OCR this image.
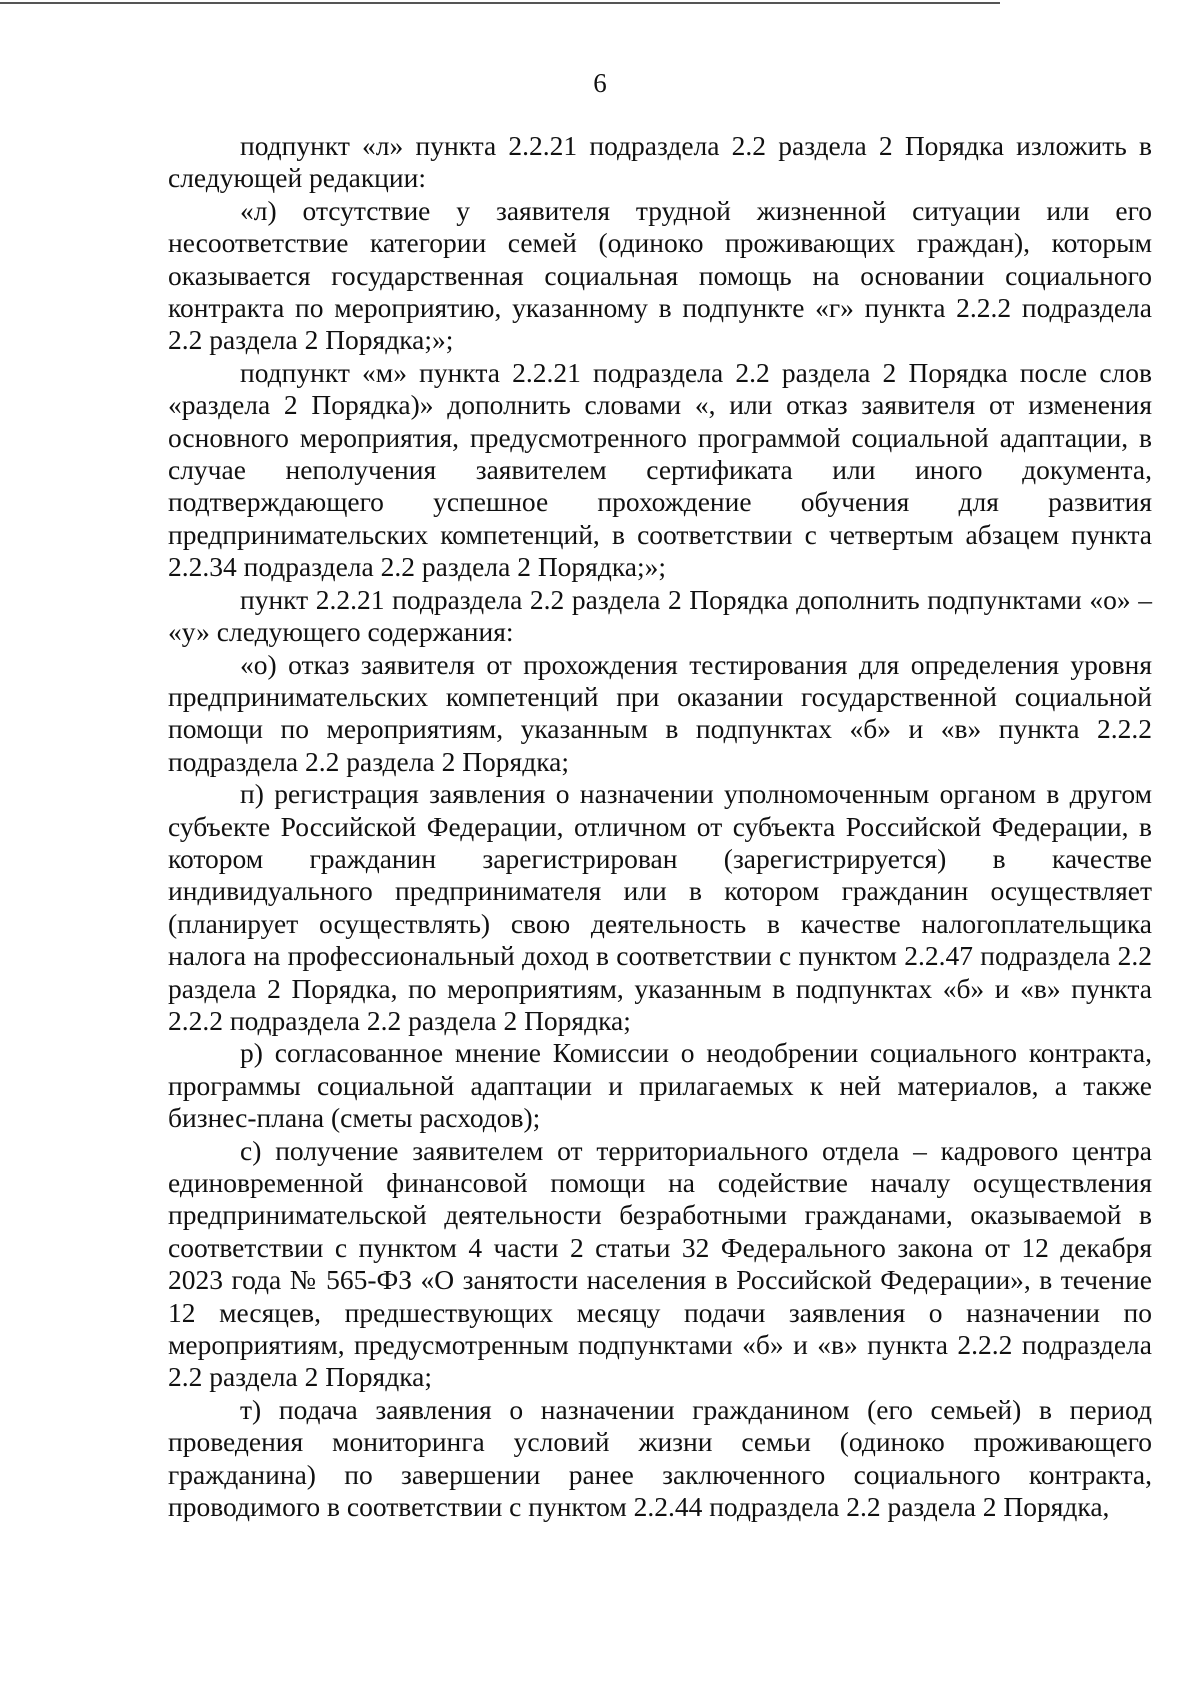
6

подпункт «л» пункта 2.2.21 подраздела 2.2 раздела 2 Порядка изложить в следующей редакции:

«л) отсутствие у заявителя трудной жизненной ситуации или его несоответствие категории семей (одиноко проживающих граждан), которым оказывается государственная социальная помощь на основании социального контракта по мероприятию, указанному в подпункте «г» пункта 2.2.2 подраздела 2.2 раздела 2 Порядка;»;

подпункт «м» пункта 2.2.21 подраздела 2.2 раздела 2 Порядка после слов «раздела 2 Порядка)» дополнить словами «, или отказ заявителя от изменения основного мероприятия, предусмотренного программой социальной адаптации, в случае неполучения заявителем сертификата или иного документа, подтверждающего успешное прохождение обучения для развития предпринимательских компетенций, в соответствии с четвертым абзацем пункта 2.2.34 подраздела 2.2 раздела 2 Порядка;»;

пункт 2.2.21 подраздела 2.2 раздела 2 Порядка дополнить подпунктами «о» – «у» следующего содержания:

«о) отказ заявителя от прохождения тестирования для определения уровня предпринимательских компетенций при оказании государственной социальной помощи по мероприятиям, указанным в подпунктах «б» и «в» пункта 2.2.2 подраздела 2.2 раздела 2 Порядка;

п) регистрация заявления о назначении уполномоченным органом в другом субъекте Российской Федерации, отличном от субъекта Российской Федерации, в котором гражданин зарегистрирован (зарегистрируется) в качестве индивидуального предпринимателя или в котором гражданин осуществляет (планирует осуществлять) свою деятельность в качестве налогоплательщика налога на профессиональный доход в соответствии с пунктом 2.2.47 подраздела 2.2 раздела 2 Порядка, по мероприятиям, указанным в подпунктах «б» и «в» пункта 2.2.2 подраздела 2.2 раздела 2 Порядка;

р) согласованное мнение Комиссии о неодобрении социального контракта, программы социальной адаптации и прилагаемых к ней материалов, а также бизнес-плана (сметы расходов);

с) получение заявителем от территориального отдела – кадрового центра единовременной финансовой помощи на содействие началу осуществления предпринимательской деятельности безработными гражданами, оказываемой в соответствии с пунктом 4 части 2 статьи 32 Федерального закона от 12 декабря 2023 года № 565-ФЗ «О занятости населения в Российской Федерации», в течение 12 месяцев, предшествующих месяцу подачи заявления о назначении по мероприятиям, предусмотренным подпунктами «б» и «в» пункта 2.2.2 подраздела 2.2 раздела 2 Порядка;

т) подача заявления о назначении гражданином (его семьей) в период проведения мониторинга условий жизни семьи (одиноко проживающего гражданина) по завершении ранее заключенного социального контракта, проводимого в соответствии с пунктом 2.2.44 подраздела 2.2 раздела 2 Порядка,
